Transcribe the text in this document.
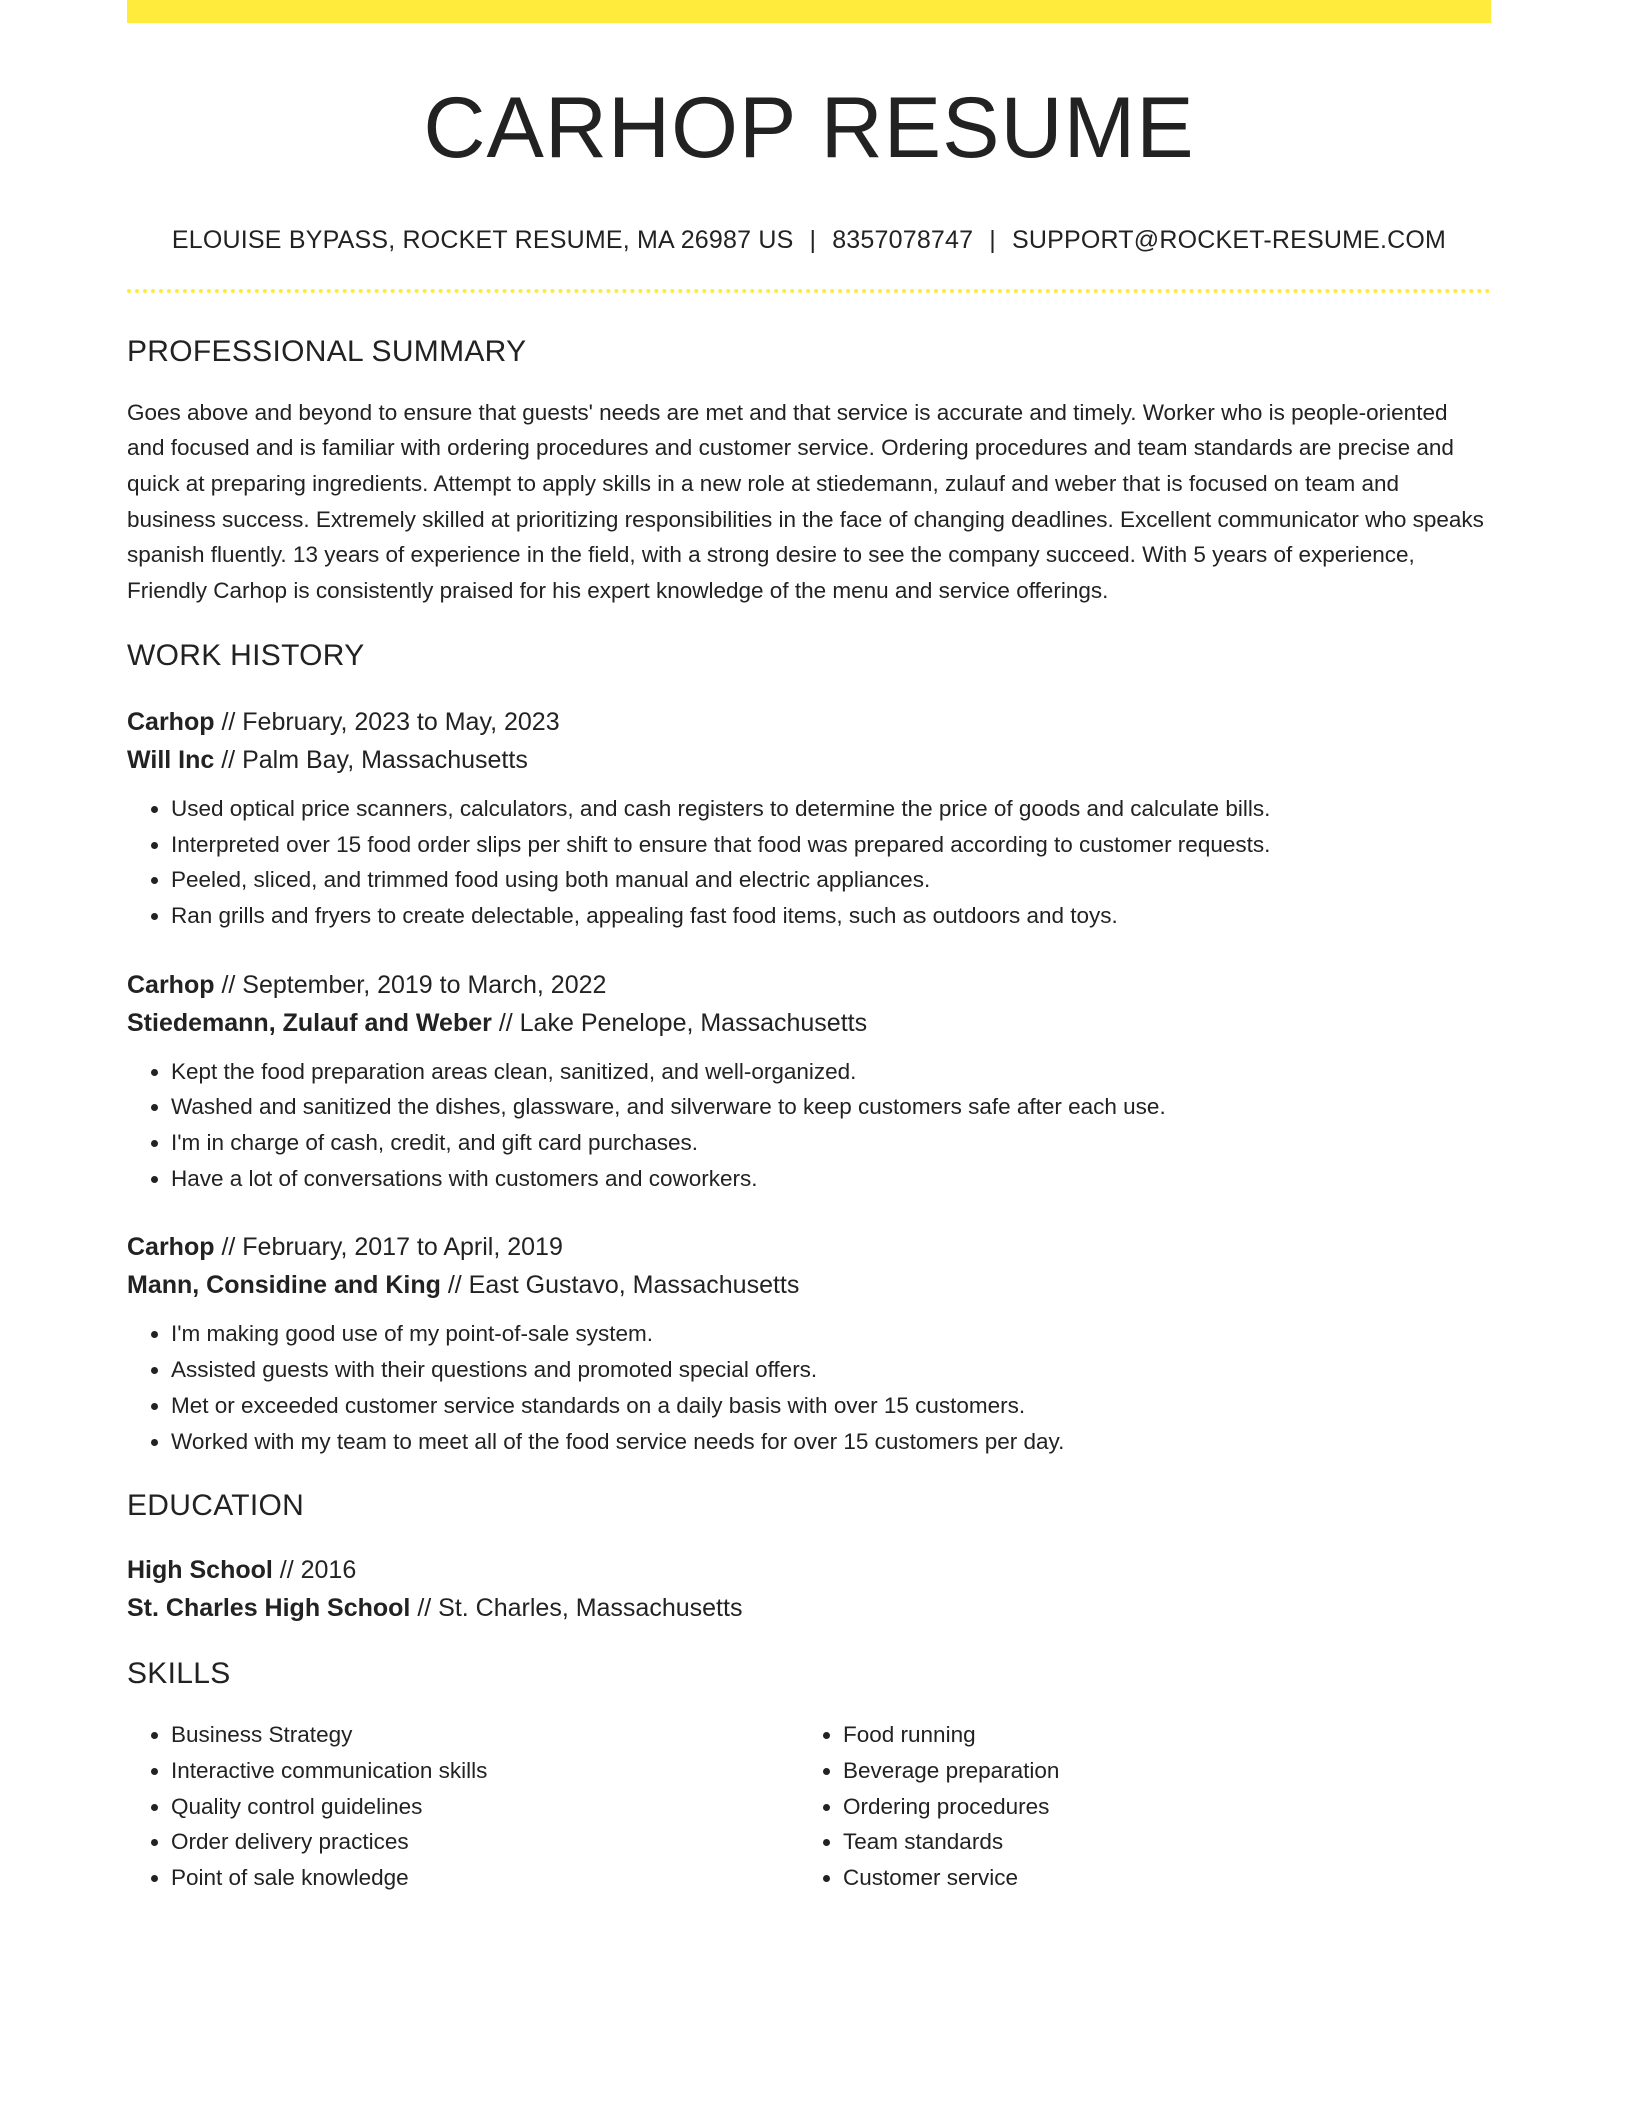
CARHOP RESUME
ELOUISE BYPASS, ROCKET RESUME, MA 26987 US | 8357078747 | SUPPORT@ROCKET-RESUME.COM
PROFESSIONAL SUMMARY
Goes above and beyond to ensure that guests' needs are met and that service is accurate and timely. Worker who is people-oriented and focused and is familiar with ordering procedures and customer service. Ordering procedures and team standards are precise and quick at preparing ingredients. Attempt to apply skills in a new role at stiedemann, zulauf and weber that is focused on team and business success. Extremely skilled at prioritizing responsibilities in the face of changing deadlines. Excellent communicator who speaks spanish fluently. 13 years of experience in the field, with a strong desire to see the company succeed. With 5 years of experience, Friendly Carhop is consistently praised for his expert knowledge of the menu and service offerings.
WORK HISTORY
Carhop // February, 2023 to May, 2023
Will Inc // Palm Bay, Massachusetts
• Used optical price scanners, calculators, and cash registers to determine the price of goods and calculate bills.
• Interpreted over 15 food order slips per shift to ensure that food was prepared according to customer requests.
• Peeled, sliced, and trimmed food using both manual and electric appliances.
• Ran grills and fryers to create delectable, appealing fast food items, such as outdoors and toys.
Carhop // September, 2019 to March, 2022
Stiedemann, Zulauf and Weber // Lake Penelope, Massachusetts
• Kept the food preparation areas clean, sanitized, and well-organized.
• Washed and sanitized the dishes, glassware, and silverware to keep customers safe after each use.
• I'm in charge of cash, credit, and gift card purchases.
• Have a lot of conversations with customers and coworkers.
Carhop // February, 2017 to April, 2019
Mann, Considine and King // East Gustavo, Massachusetts
• I'm making good use of my point-of-sale system.
• Assisted guests with their questions and promoted special offers.
• Met or exceeded customer service standards on a daily basis with over 15 customers.
• Worked with my team to meet all of the food service needs for over 15 customers per day.
EDUCATION
High School // 2016
St. Charles High School // St. Charles, Massachusetts
SKILLS
• Business Strategy
• Interactive communication skills
• Quality control guidelines
• Order delivery practices
• Point of sale knowledge
• Food running
• Beverage preparation
• Ordering procedures
• Team standards
• Customer service
